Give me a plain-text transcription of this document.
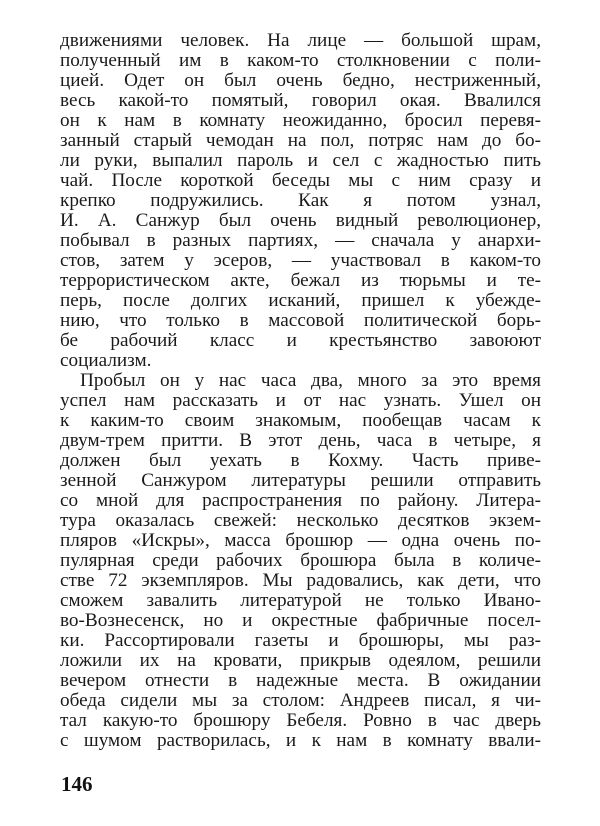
движениями человек. На лице — большой шрам,
полученный им в каком-то столкновении с поли-
цией. Одет он был очень бедно, нестриженный,
весь какой-то помятый, говорил окая. Ввалился
он к нам в комнату неожиданно, бросил перевя-
занный старый чемодан на пол, потряс нам до бо-
ли руки, выпалил пароль и сел с жадностью пить
чай. После короткой беседы мы с ним сразу и
крепко подружились. Как я потом узнал,
И. А. Санжур был очень видный революционер,
побывал в разных партиях, — сначала у анархи-
стов, затем у эсеров, — участвовал в каком-то
террористическом акте, бежал из тюрьмы и те-
перь, после долгих исканий, пришел к убежде-
нию, что только в массовой политической борь-
бе рабочий класс и крестьянство завоюют
социализм.
Пробыл он у нас часа два, много за это время
успел нам рассказать и от нас узнать. Ушел он
к каким-то своим знакомым, пообещав часам к
двум-трем притти. В этот день, часа в четыре, я
должен был уехать в Кохму. Часть приве-
зенной Санжуром литературы решили отправить
со мной для распространения по району. Литера-
тура оказалась свежей: несколько десятков экзем-
пляров «Искры», масса брошюр — одна очень по-
пулярная среди рабочих брошюра была в количе-
стве 72 экземпляров. Мы радовались, как дети, что
сможем завалить литературой не только Ивано-
во-Вознесенск, но и окрестные фабричные посел-
ки. Рассортировали газеты и брошюры, мы раз-
ложили их на кровати, прикрыв одеялом, решили
вечером отнести в надежные места. В ожидании
обеда сидели мы за столом: Андреев писал, я чи-
тал какую-то брошюру Бебеля. Ровно в час дверь
с шумом растворилась, и к нам в комнату ввали-
146
